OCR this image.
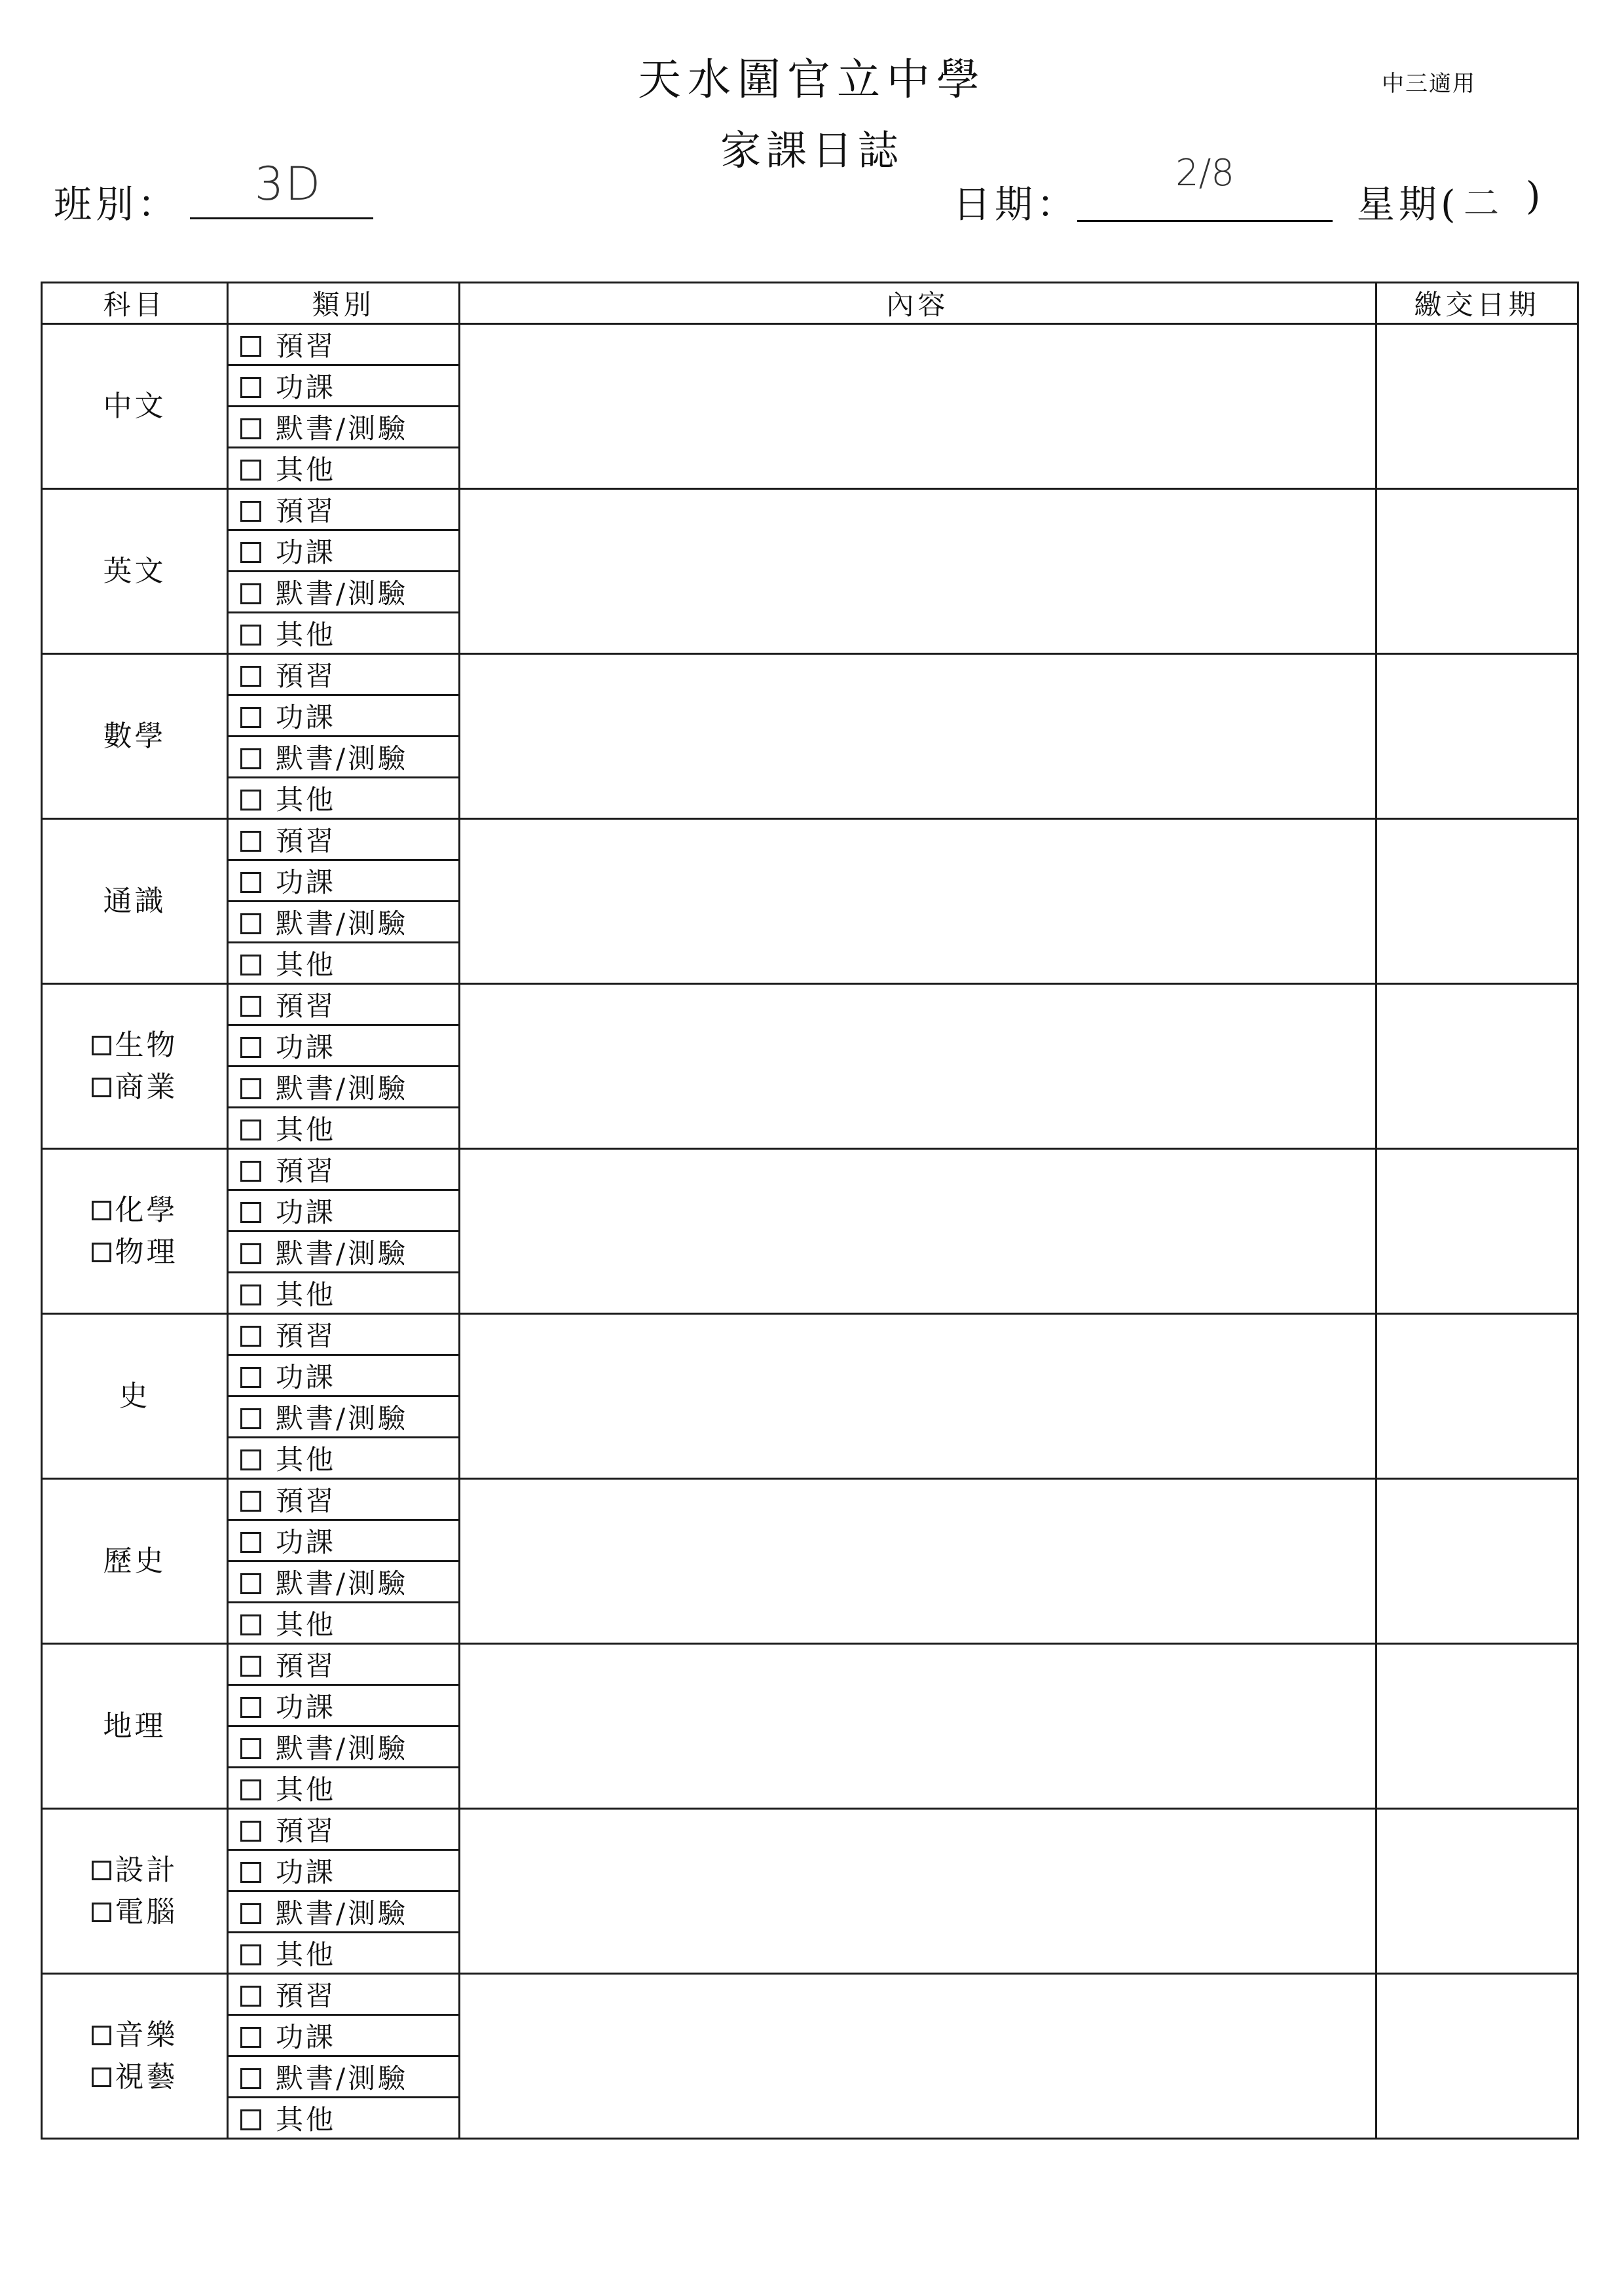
天水圍官立中學	中三適用
家課日誌
班別：	3D	日期：
2/8
星期( 二 )
科目	類別	內容	繳交日期

中文	預習		
	功課		
	默書/測驗		
	其他		

英文	預習		
	功課		
	默書/測驗		
	其他		

數學	預習		
	功課		
	默書/測驗		
	其他		

通識	預習		
	功課		
	默書/測驗		
	其他		

生物
商業	預習		
	功課		
	默書/測驗		
	其他		

化學
物理	預習		
	功課		
	默書/測驗		
	其他		

史	預習		
	功課		
	默書/測驗		
	其他		

歷史	預習		
	功課		
	默書/測驗		
	其他		

地理	預習		
	功課		
	默書/測驗		
	其他		

設計
電腦	預習		
	功課		
	默書/測驗		
	其他		

音樂
視藝	預習		
	功課		
	默書/測驗		
	其他		
